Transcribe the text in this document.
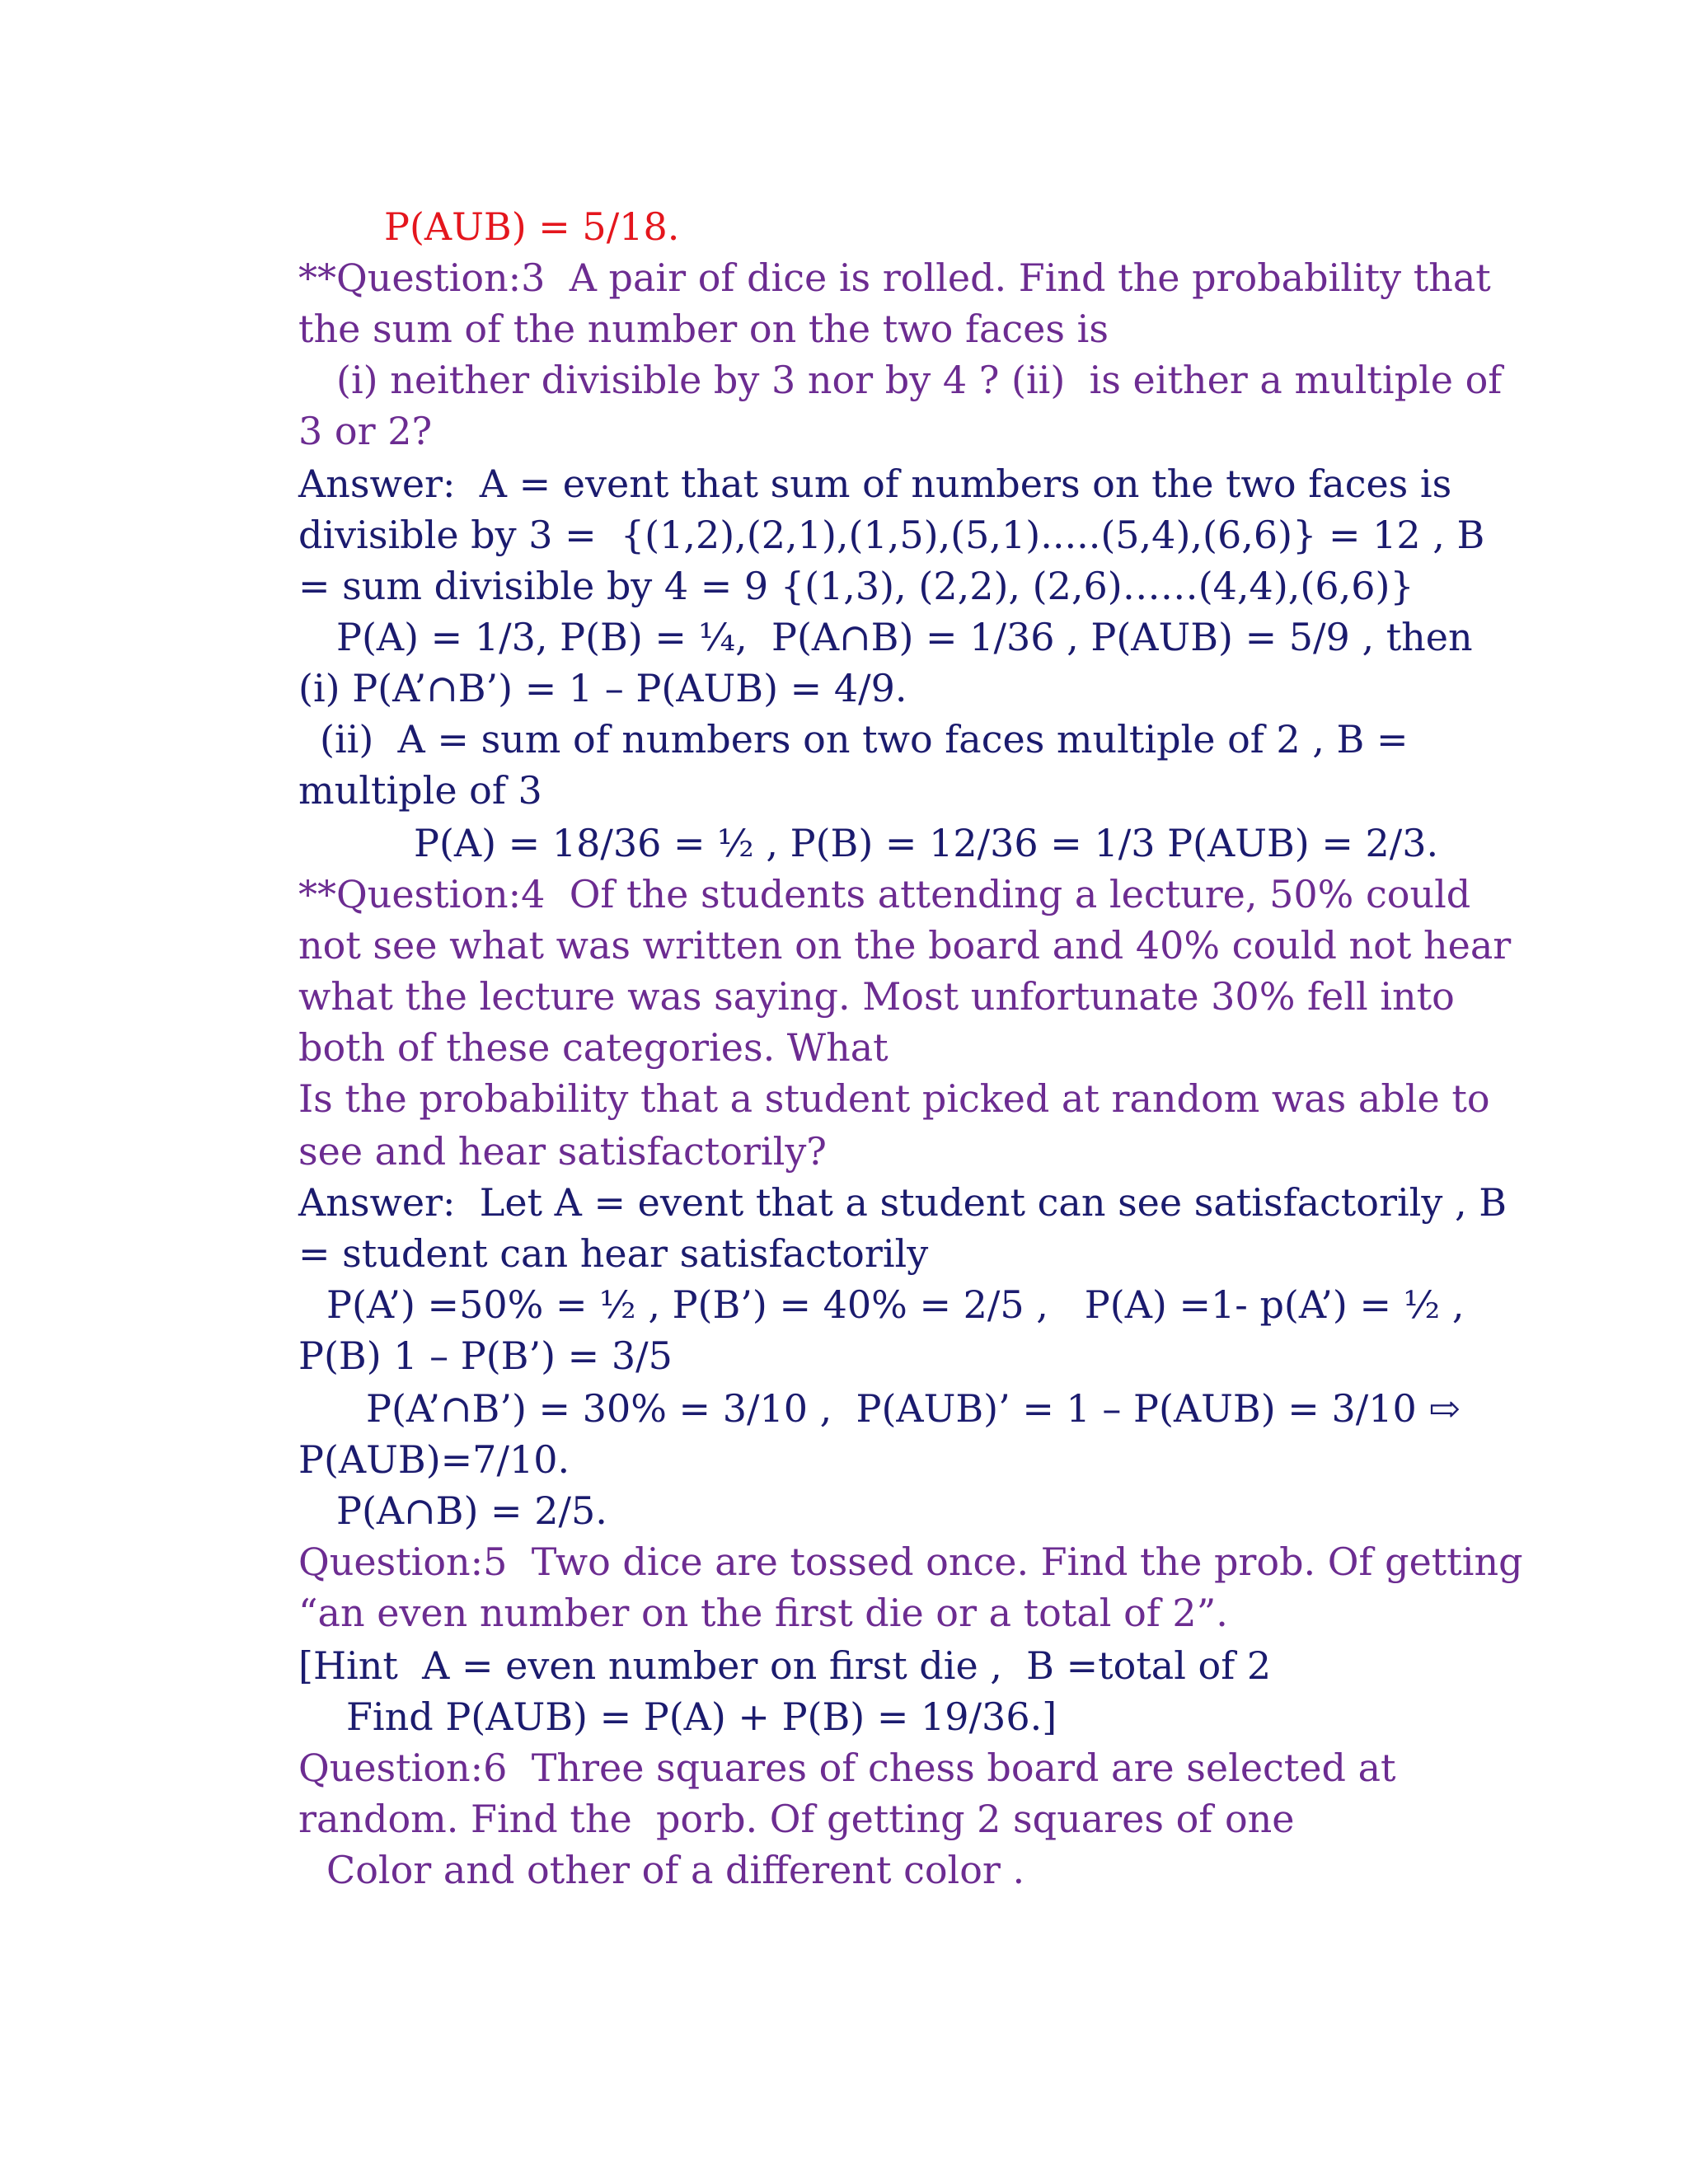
P(AUB) = 5/18.
**Question:3  A pair of dice is rolled. Find the probability that
the sum of the number on the two faces is
(i) neither divisible by 3 nor by 4 ? (ii)  is either a multiple of
3 or 2?
Answer:  A = event that sum of numbers on the two faces is
divisible by 3 =  {(1,2),(2,1),(1,5),(5,1).....(5,4),(6,6)} = 12 , B
= sum divisible by 4 = 9 {(1,3), (2,2), (2,6)……(4,4),(6,6)}
P(A) = 1/3, P(B) = ¼,  P(A∩B) = 1/36 , P(AUB) = 5/9 , then
(i) P(A’∩B’) = 1 – P(AUB) = 4/9.
(ii)  A = sum of numbers on two faces multiple of 2 , B =
multiple of 3
P(A) = 18/36 = ½ , P(B) = 12/36 = 1/3 P(AUB) = 2/3.
**Question:4  Of the students attending a lecture, 50% could
not see what was written on the board and 40% could not hear
what the lecture was saying. Most unfortunate 30% fell into
both of these categories. What
Is the probability that a student picked at random was able to
see and hear satisfactorily?
Answer:  Let A = event that a student can see satisfactorily , B
= student can hear satisfactorily
P(A’) =50% = ½ , P(B’) = 40% = 2/5 ,   P(A) =1- p(A’) = ½ ,
P(B) 1 – P(B’) = 3/5
P(A’∩B’) = 30% = 3/10 ,  P(AUB)’ = 1 – P(AUB) = 3/10 ⇨
P(AUB)=7/10.
P(A∩B) = 2/5.
Question:5  Two dice are tossed once. Find the prob. Of getting
“an even number on the first die or a total of 2”.
[Hint  A = even number on first die ,  B =total of 2
Find P(AUB) = P(A) + P(B) = 19/36.]
Question:6  Three squares of chess board are selected at
random. Find the  porb. Of getting 2 squares of one
Color and other of a different color .
